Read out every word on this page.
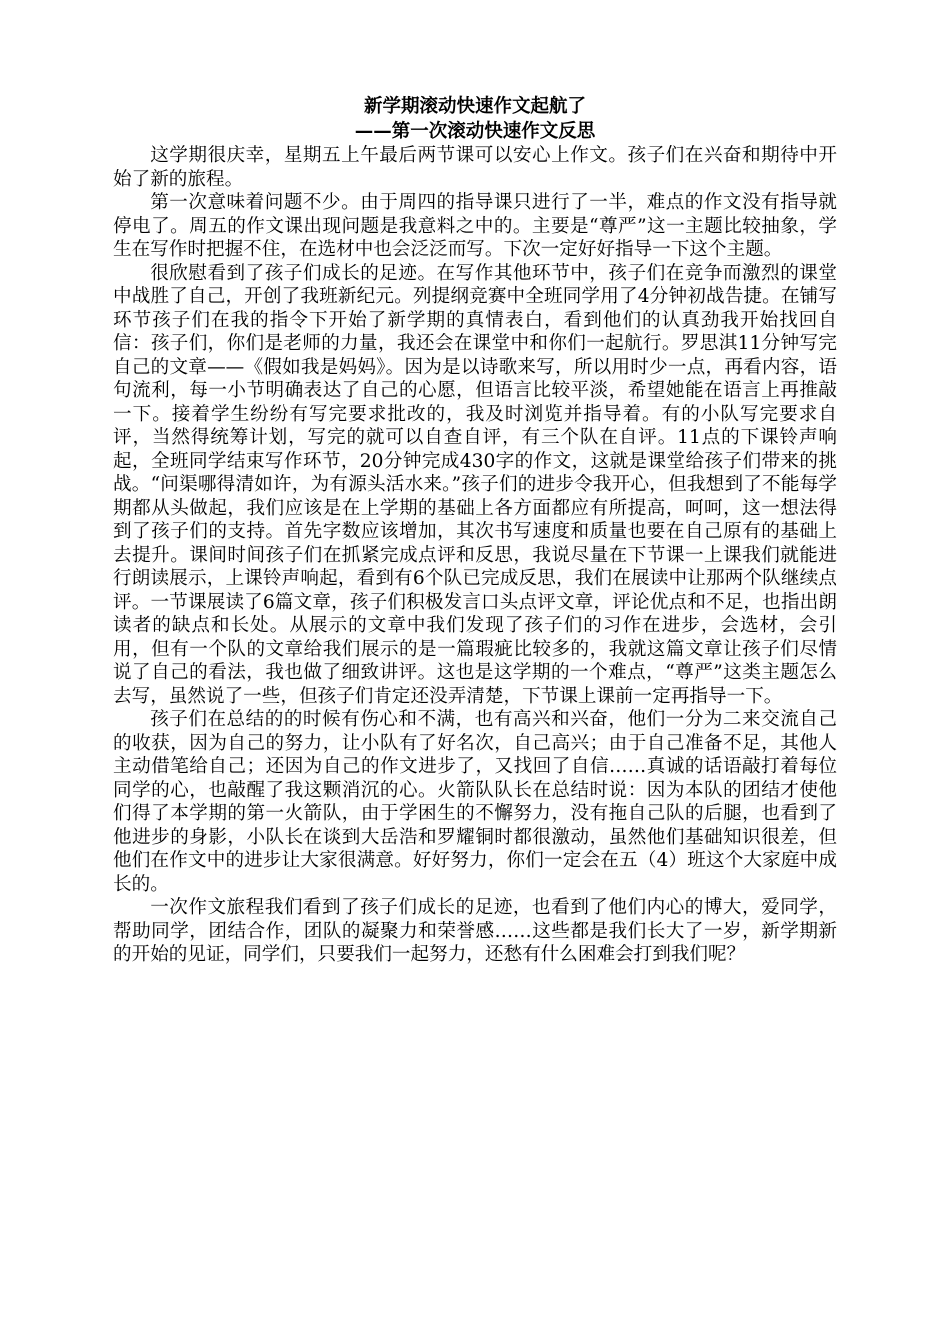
新学期滚动快速作文起航了
——第一次滚动快速作文反思

这学期很庆幸，星期五上午最后两节课可以安心上作文。孩子们在兴奋和期待中开始了新的旅程。

第一次意味着问题不少。由于周四的指导课只进行了一半，难点的作文没有指导就停电了。周五的作文课出现问题是我意料之中的。主要是“尊严”这一主题比较抽象，学生在写作时把握不住，在选材中也会泛泛而写。下次一定好好指导一下这个主题。

很欣慰看到了孩子们成长的足迹。在写作其他环节中，孩子们在竞争而激烈的课堂中战胜了自己，开创了我班新纪元。列提纲竞赛中全班同学用了4分钟初战告捷。在铺写环节孩子们在我的指令下开始了新学期的真情表白，看到他们的认真劲我开始找回自信：孩子们，你们是老师的力量，我还会在课堂中和你们一起航行。罗思淇11分钟写完自己的文章——《假如我是妈妈》。因为是以诗歌来写，所以用时少一点，再看内容，语句流利，每一小节明确表达了自己的心愿，但语言比较平淡，希望她能在语言上再推敲一下。接着学生纷纷有写完要求批改的，我及时浏览并指导着。有的小队写完要求自评，当然得统筹计划，写完的就可以自查自评，有三个队在自评。11点的下课铃声响起，全班同学结束写作环节，20分钟完成430字的作文，这就是课堂给孩子们带来的挑战。“问渠哪得清如许，为有源头活水来。”孩子们的进步令我开心，但我想到了不能每学期都从头做起，我们应该是在上学期的基础上各方面都应有所提高，呵呵，这一想法得到了孩子们的支持。首先字数应该增加，其次书写速度和质量也要在自己原有的基础上去提升。课间时间孩子们在抓紧完成点评和反思，我说尽量在下节课一上课我们就能进行朗读展示，上课铃声响起，看到有6个队已完成反思，我们在展读中让那两个队继续点评。一节课展读了6篇文章，孩子们积极发言口头点评文章，评论优点和不足，也指出朗读者的缺点和长处。从展示的文章中我们发现了孩子们的习作在进步，会选材，会引用，但有一个队的文章给我们展示的是一篇瑕疵比较多的，我就这篇文章让孩子们尽情说了自己的看法，我也做了细致讲评。这也是这学期的一个难点，“尊严”这类主题怎么去写，虽然说了一些，但孩子们肯定还没弄清楚，下节课上课前一定再指导一下。

孩子们在总结的的时候有伤心和不满，也有高兴和兴奋，他们一分为二来交流自己的收获，因为自己的努力，让小队有了好名次，自己高兴；由于自己准备不足，其他人主动借笔给自己；还因为自己的作文进步了，又找回了自信……真诚的话语敲打着每位同学的心，也敲醒了我这颗消沉的心。火箭队队长在总结时说：因为本队的团结才使他们得了本学期的第一火箭队，由于学困生的不懈努力，没有拖自己队的后腿，也看到了他进步的身影，小队长在谈到大岳浩和罗耀铜时都很激动，虽然他们基础知识很差，但他们在作文中的进步让大家很满意。好好努力，你们一定会在五（4）班这个大家庭中成长的。

一次作文旅程我们看到了孩子们成长的足迹，也看到了他们内心的博大，爱同学，帮助同学，团结合作，团队的凝聚力和荣誉感……这些都是我们长大了一岁，新学期新的开始的见证，同学们，只要我们一起努力，还愁有什么困难会打到我们呢？
